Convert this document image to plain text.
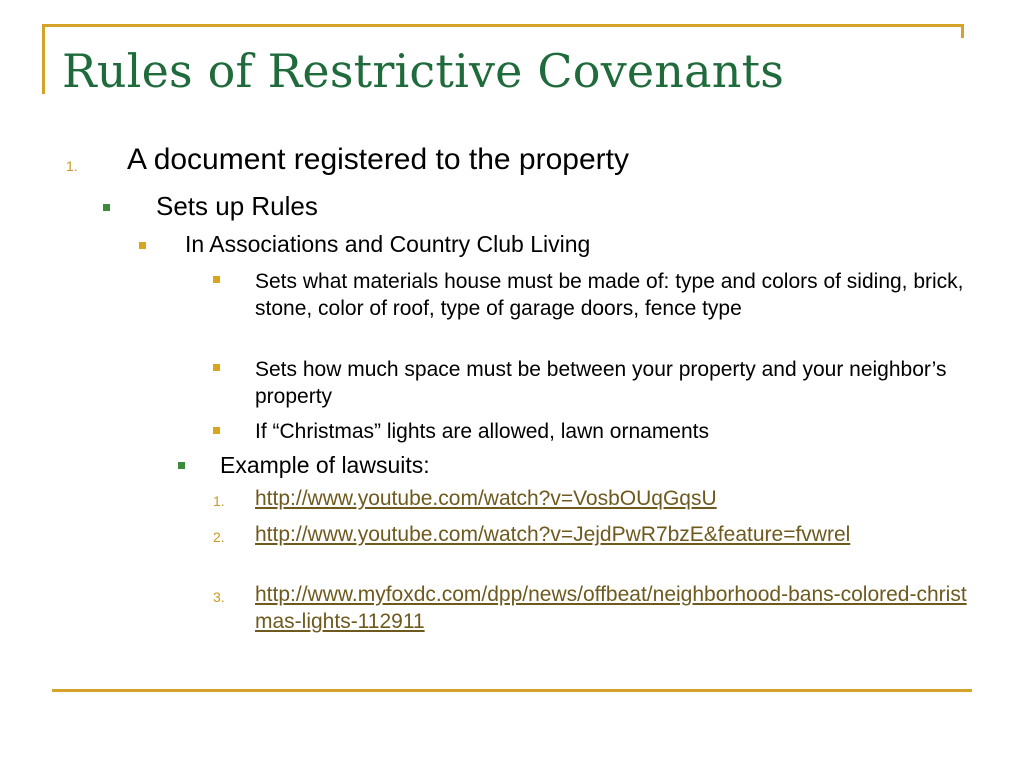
Rules of Restrictive Covenants
1. A document registered to the property
Sets up Rules
In Associations and Country Club Living
Sets what materials house must be made of: type and colors of siding, brick, stone, color of roof, type of garage doors, fence type
Sets how much space must be between your property and your neighbor’s property
If “Christmas” lights are allowed, lawn ornaments
Example of lawsuits:
1. http://www.youtube.com/watch?v=VosbOUqGqsU
2. http://www.youtube.com/watch?v=JejdPwR7bzE&feature=fvwrel
3. http://www.myfoxdc.com/dpp/news/offbeat/neighborhood-bans-colored-christmas-lights-112911
